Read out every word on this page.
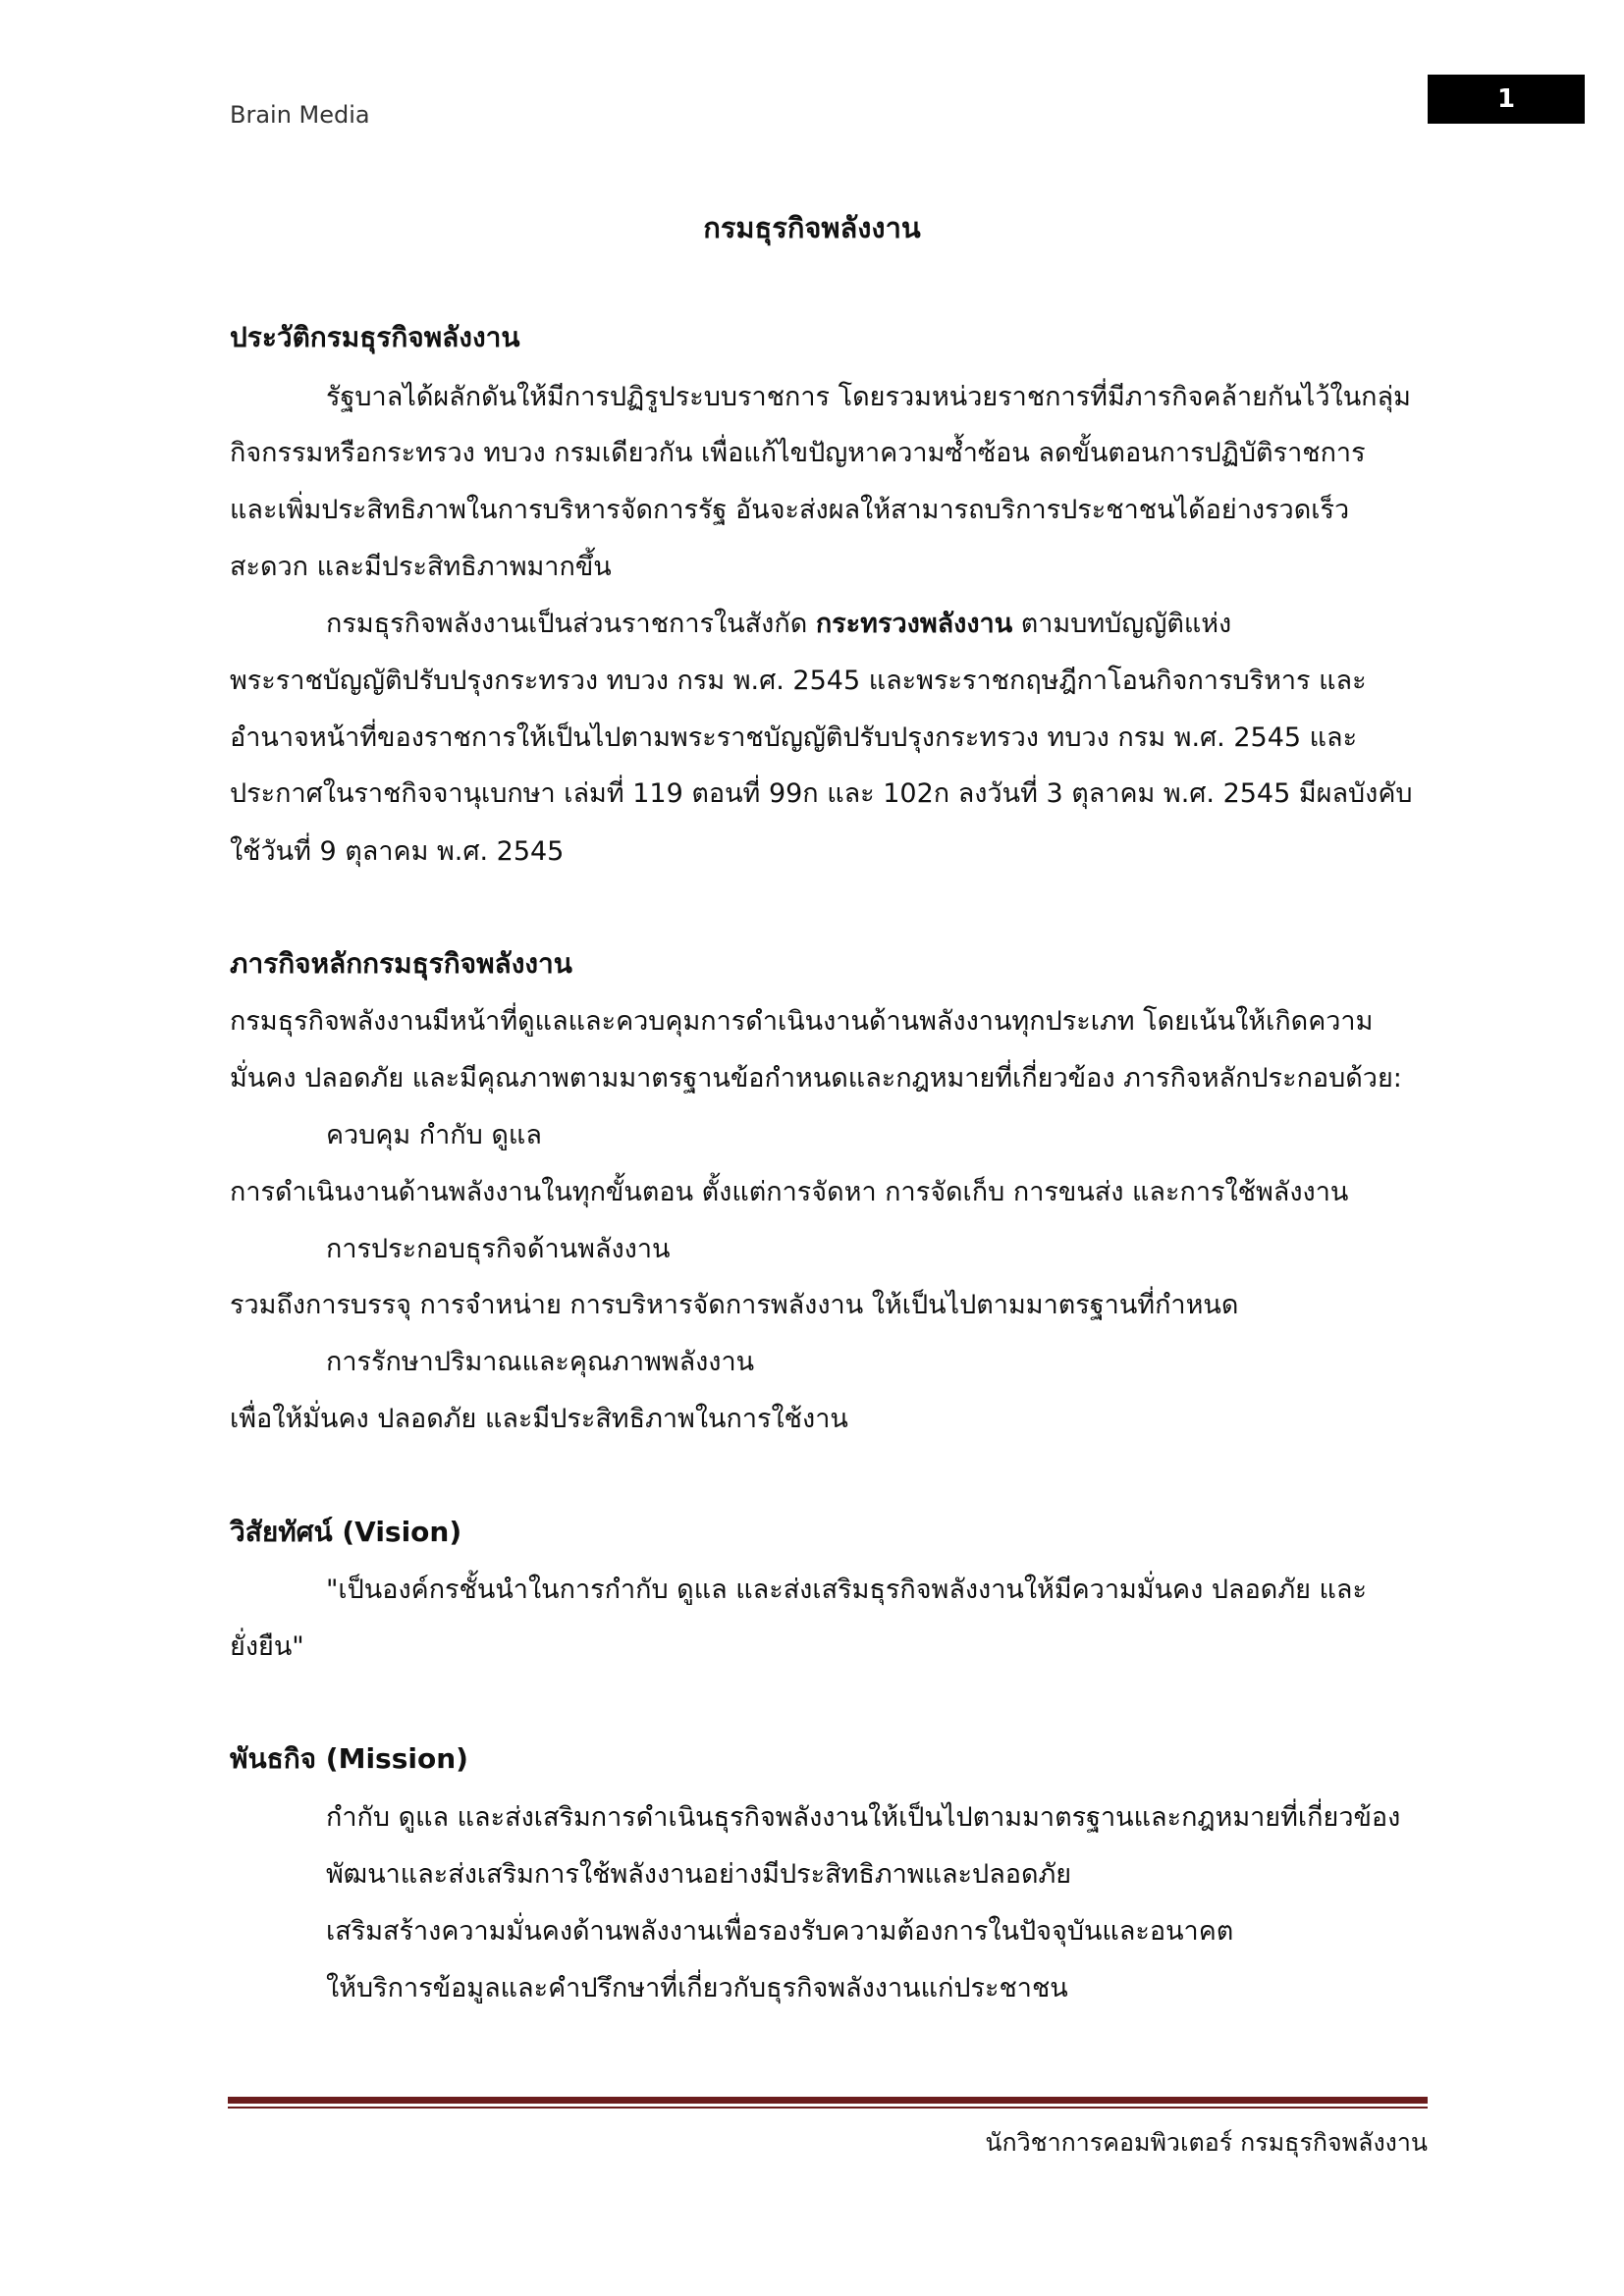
Brain Media
1
กรมธุรกิจพลังงาน
ประวัติกรมธุรกิจพลังงาน
รัฐบาลได้ผลักดันให้มีการปฏิรูประบบราชการ โดยรวมหน่วยราชการที่มีภารกิจคล้ายกันไว้ในกลุ่ม
กิจกรรมหรือกระทรวง ทบวง กรมเดียวกัน เพื่อแก้ไขปัญหาความซ้ำซ้อน ลดขั้นตอนการปฏิบัติราชการ
และเพิ่มประสิทธิภาพในการบริหารจัดการรัฐ อันจะส่งผลให้สามารถบริการประชาชนได้อย่างรวดเร็ว
สะดวก และมีประสิทธิภาพมากขึ้น
กรมธุรกิจพลังงานเป็นส่วนราชการในสังกัด กระทรวงพลังงาน ตามบทบัญญัติแห่ง
พระราชบัญญัติปรับปรุงกระทรวง ทบวง กรม พ.ศ. 2545 และพระราชกฤษฎีกาโอนกิจการบริหาร และ
อำนาจหน้าที่ของราชการให้เป็นไปตามพระราชบัญญัติปรับปรุงกระทรวง ทบวง กรม พ.ศ. 2545 และ
ประกาศในราชกิจจานุเบกษา เล่มที่ 119 ตอนที่ 99ก และ 102ก ลงวันที่ 3 ตุลาคม พ.ศ. 2545 มีผลบังคับ
ใช้วันที่ 9 ตุลาคม พ.ศ. 2545
ภารกิจหลักกรมธุรกิจพลังงาน
กรมธุรกิจพลังงานมีหน้าที่ดูแลและควบคุมการดำเนินงานด้านพลังงานทุกประเภท โดยเน้นให้เกิดความ
มั่นคง ปลอดภัย และมีคุณภาพตามมาตรฐานข้อกำหนดและกฎหมายที่เกี่ยวข้อง ภารกิจหลักประกอบด้วย:
ควบคุม กำกับ ดูแล
การดำเนินงานด้านพลังงานในทุกขั้นตอน ตั้งแต่การจัดหา การจัดเก็บ การขนส่ง และการใช้พลังงาน
การประกอบธุรกิจด้านพลังงาน
รวมถึงการบรรจุ การจำหน่าย การบริหารจัดการพลังงาน ให้เป็นไปตามมาตรฐานที่กำหนด
การรักษาปริมาณและคุณภาพพลังงาน
เพื่อให้มั่นคง ปลอดภัย และมีประสิทธิภาพในการใช้งาน
วิสัยทัศน์ (Vision)
"เป็นองค์กรชั้นนำในการกำกับ ดูแล และส่งเสริมธุรกิจพลังงานให้มีความมั่นคง ปลอดภัย และ
ยั่งยืน"
พันธกิจ (Mission)
กำกับ ดูแล และส่งเสริมการดำเนินธุรกิจพลังงานให้เป็นไปตามมาตรฐานและกฎหมายที่เกี่ยวข้อง
พัฒนาและส่งเสริมการใช้พลังงานอย่างมีประสิทธิภาพและปลอดภัย
เสริมสร้างความมั่นคงด้านพลังงานเพื่อรองรับความต้องการในปัจจุบันและอนาคต
ให้บริการข้อมูลและคำปรึกษาที่เกี่ยวกับธุรกิจพลังงานแก่ประชาชน
นักวิชาการคอมพิวเตอร์ กรมธุรกิจพลังงาน
